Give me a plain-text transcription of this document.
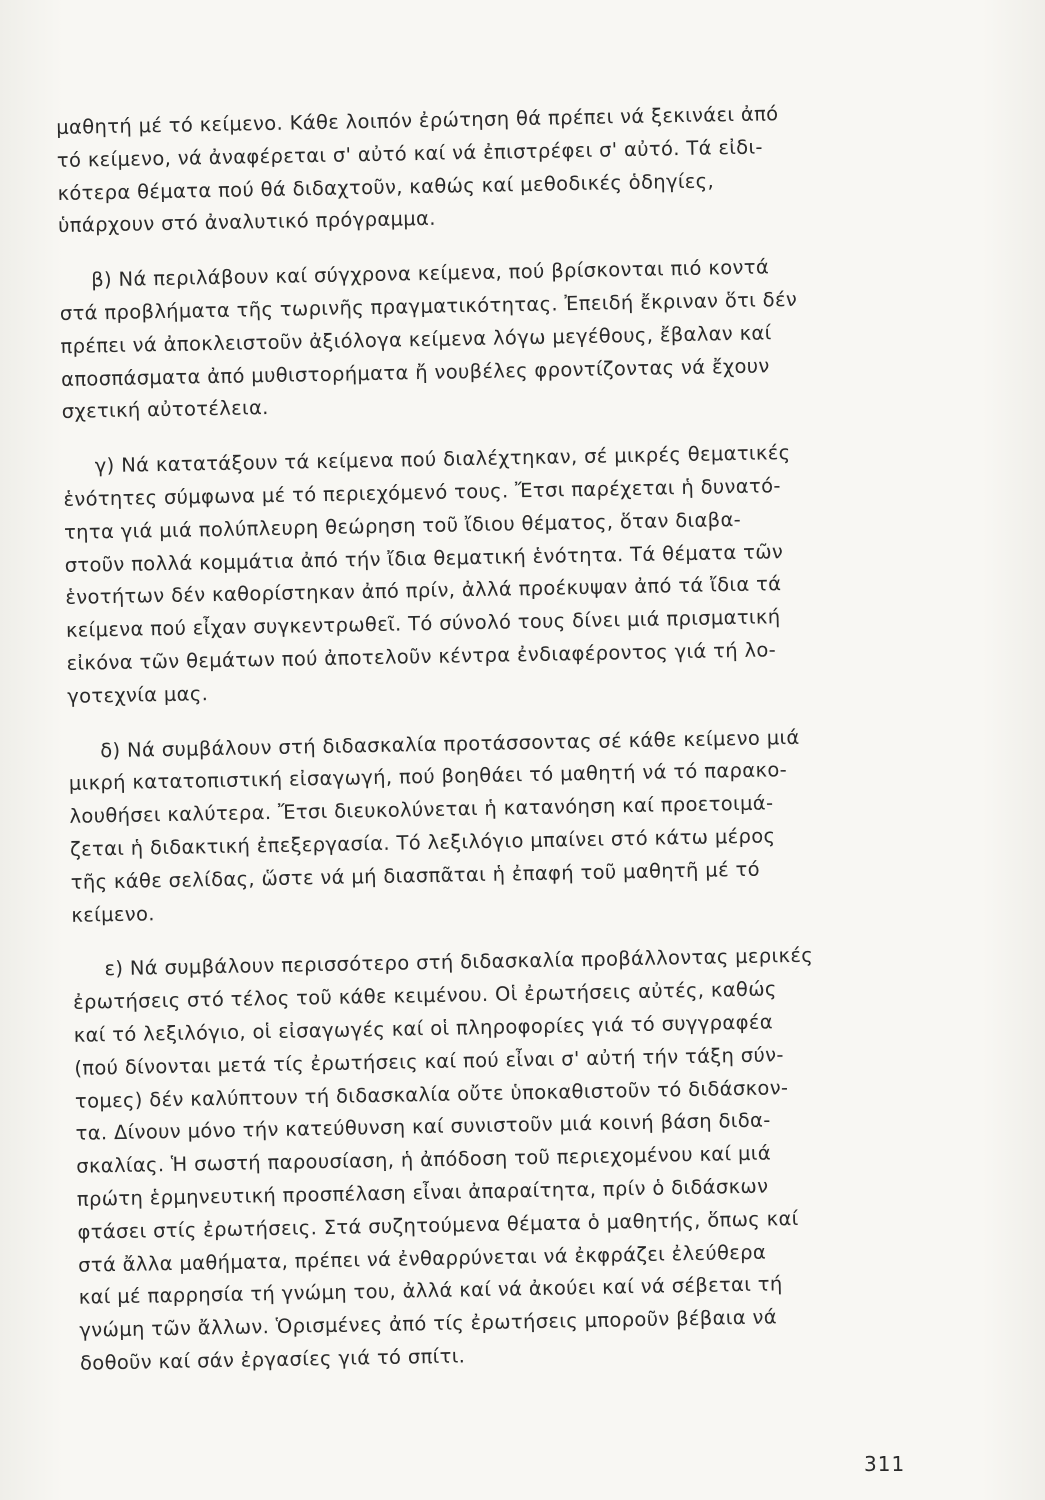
μαθητή μέ τό κείμενο. Κάθε λοιπόν ἐρώτηση θά πρέπει νά ξεκινάει ἀπό
τό κείμενο, νά ἀναφέρεται σ' αὐτό καί νά ἐπιστρέφει σ' αὐτό. Τά εἰδι-
κότερα θέματα πού θά διδαχτοῦν, καθώς καί μεθοδικές ὁδηγίες,
ὑπάρχουν στό ἀναλυτικό πρόγραμμα.

β) Νά περιλάβουν καί σύγχρονα κείμενα, πού βρίσκονται πιό κοντά
στά προβλήματα τῆς τωρινῆς πραγματικότητας. Ἐπειδή ἔκριναν ὅτι δέν
πρέπει νά ἀποκλειστοῦν ἀξιόλογα κείμενα λόγω μεγέθους, ἔβαλαν καί
αποσπάσματα ἀπό μυθιστορήματα ἤ νουβέλες φροντίζοντας νά ἔχουν
σχετική αὐτοτέλεια.

γ) Νά κατατάξουν τά κείμενα πού διαλέχτηκαν, σέ μικρές θεματικές
ἑνότητες σύμφωνα μέ τό περιεχόμενό τους. Ἔτσι παρέχεται ἡ δυνατό-
τητα γιά μιά πολύπλευρη θεώρηση τοῦ ἴδιου θέματος, ὅταν διαβα-
στοῦν πολλά κομμάτια ἀπό τήν ἴδια θεματική ἑνότητα. Τά θέματα τῶν
ἑνοτήτων δέν καθορίστηκαν ἀπό πρίν, ἀλλά προέκυψαν ἀπό τά ἴδια τά
κείμενα πού εἶχαν συγκεντρωθεῖ. Τό σύνολό τους δίνει μιά πρισματική
εἰκόνα τῶν θεμάτων πού ἀποτελοῦν κέντρα ἐνδιαφέροντος γιά τή λο-
γοτεχνία μας.

δ) Νά συμβάλουν στή διδασκαλία προτάσσοντας σέ κάθε κείμενο μιά
μικρή κατατοπιστική εἰσαγωγή, πού βοηθάει τό μαθητή νά τό παρακο-
λουθήσει καλύτερα. Ἔτσι διευκολύνεται ἡ κατανόηση καί προετοιμά-
ζεται ἡ διδακτική ἐπεξεργασία. Τό λεξιλόγιο μπαίνει στό κάτω μέρος
τῆς κάθε σελίδας, ὥστε νά μή διασπᾶται ἡ ἐπαφή τοῦ μαθητῆ μέ τό
κείμενο.

ε) Νά συμβάλουν περισσότερο στή διδασκαλία προβάλλοντας μερικές
ἐρωτήσεις στό τέλος τοῦ κάθε κειμένου. Οἱ ἐρωτήσεις αὐτές, καθώς
καί τό λεξιλόγιο, οἱ εἰσαγωγές καί οἱ πληροφορίες γιά τό συγγραφέα
(πού δίνονται μετά τίς ἐρωτήσεις καί πού εἶναι σ' αὐτή τήν τάξη σύν-
τομες) δέν καλύπτουν τή διδασκαλία οὔτε ὑποκαθιστοῦν τό διδάσκον-
τα. Δίνουν μόνο τήν κατεύθυνση καί συνιστοῦν μιά κοινή βάση διδα-
σκαλίας. Ἡ σωστή παρουσίαση, ἡ ἀπόδοση τοῦ περιεχομένου καί μιά
πρώτη ἑρμηνευτική προσπέλαση εἶναι ἀπαραίτητα, πρίν ὁ διδάσκων
φτάσει στίς ἐρωτήσεις. Στά συζητούμενα θέματα ὁ μαθητής, ὅπως καί
στά ἄλλα μαθήματα, πρέπει νά ἐνθαρρύνεται νά ἐκφράζει ἐλεύθερα
καί μέ παρρησία τή γνώμη του, ἀλλά καί νά ἀκούει καί νά σέβεται τή
γνώμη τῶν ἄλλων. Ὁρισμένες ἀπό τίς ἐρωτήσεις μποροῦν βέβαια νά
δοθοῦν καί σάν ἐργασίες γιά τό σπίτι.

311
